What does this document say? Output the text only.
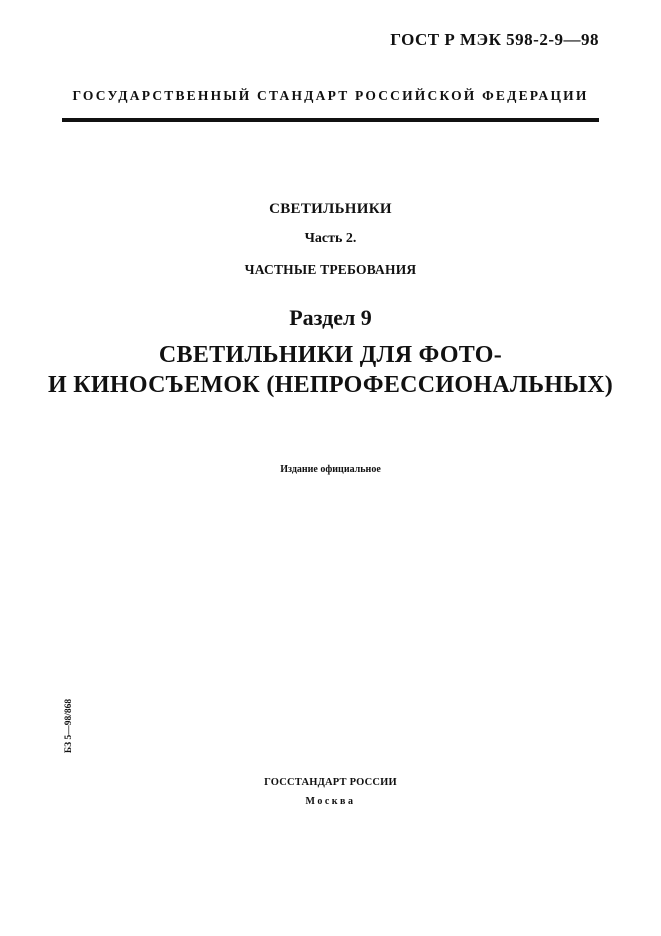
ГОСТ Р МЭК 598-2-9—98
ГОСУДАРСТВЕННЫЙ СТАНДАРТ РОССИЙСКОЙ ФЕДЕРАЦИИ
СВЕТИЛЬНИКИ
Часть 2.
ЧАСТНЫЕ ТРЕБОВАНИЯ
Раздел 9
СВЕТИЛЬНИКИ ДЛЯ ФОТО-
И КИНОСЪЕМОК (НЕПРОФЕССИОНАЛЬНЫХ)
Издание официальное
БЗ 5—98/868
ГОССТАНДАРТ РОССИИ
Москва
